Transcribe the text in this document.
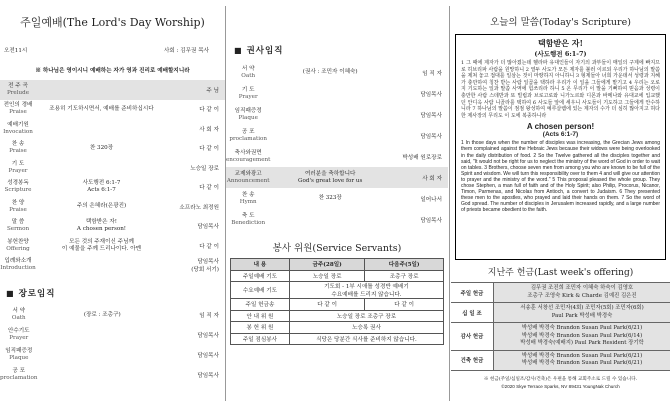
주일예배(The Lord's Day Worship)
오전11시	사회 : 김무권 목사
※ 하나님은 영이시니 예배하는 자가 영과 진리로 예배할지니라
전 주 곡
Prelude		주 님
전인의 경배
Praise	조용히 기도하시면서, 예배를 준비하십시다	다 같 이
예배기원
Invocation		사 회 자
찬 송
Praise	찬 320장	다 같 이
기 도
Prayer		노승일 장로
성경봉독
Scripture	사도행전 6:1-7
Acts 6:1-7	다 같 이
찬 양
Praise	주의 은혜라(은광진)	소프라노 최정원
말 씀
Sermon	택함받은 자!
A chosen person!	담임목사
봉헌찬양
Offering	모든 것의 주재이신 주님께
이 예물을 주께 드리나이다. 아멘	다 같 이
입례와소개
Introduction		담임목사
(당회 서기)
■ 장로임직
서 약
Oath	(장로 : 조총구)	임 직 자
안수기도
Prayer		담임목사
임직패증정
Plaque		담임목사
공 포
proclamation		담임목사
■ 권사임직
서 약
Oath	(권사 : 조민자 이혜숙)	임 직 자
기 도
Prayer		담임목사
임직패증정
Plaque		담임목사
공 포
proclamation		담임목사
축사와권면
encouragement		박성배 원로장로
교제와광고
Announcement	여러분을 축하합니다
God's great love for us	사 회 자
찬 송
Hymn	찬 323장	일어나서
축 도
Benediction		담임목사
봉사 위원(Service Servants)
내 용	금주(28일)	다음주(5일)
주일예배 기도	노승일 장로	조총구 장로
수요예배 기도	기도회 - 1부 시애틀 성경반 예배기
수요예배를 드리지 않습니다.	
주일 헌금송	다 같 이	다 같 이
안 내 위 원	노승일 장로 조총구 장로	
봉 헌 위 원	노승록 권사	
주일 점심봉사	식당은 당분간 식사를 준비하지 않습니다.	
오늘의 말씀(Today's Scripture)
택함받은 자!
(사도행전 6:1-7)
1 그 때에 제자가 더 많아졌는데 헬라파 유대인들이 자기의 과부들이 매일의 구제에 빠지므로 히브리파 사람을 원망하니 2 열두 사도가 모든 제자를 불러 이르되 우리가 하나님의 말씀을 제쳐 놓고 접대를 일삼는 것이 마땅하지 아니하니 3 형제들아 너희 가운데서 성령과 지혜가 충만하여 칭찬 받는 사람 일곱을 택하라 우리가 이 일을 그들에게 맡기고 4 우리는 오로지 기도하는 일과 말씀 사역에 힘쓰리라 하니 5 온 무리가 이 말을 기뻐하여 믿음과 성령이 충만한 사람 스데반과 또 빌립과 브로고로와 니가노르와 디몬과 바메나와 유대교에 입교했던 안디옥 사람 니골라를 택하여 6 사도들 앞에 세우니 사도들이 기도하고 그들에게 안수하니라 7 하나님의 말씀이 점점 왕성하여 예루살렘에 있는 제자의 수가 더 심히 많아지고 허다한 제사장의 무리도 이 도에 복종하니라
A chosen person!
(Acts 6:1-7)
1 In those days when the number of disciples was increasing, the Grecian Jews among them complained against the Hebraic Jews because their widows were being overlooked in the daily distribution of food. 2 So the Twelve gathered all the disciples together and said, "It would not be right for us to neglect the ministry of the word of God in order to wait on tables. 3 Brothers, choose seven men from among you who are known to be full of the Spirit and wisdom. We will turn this responsibility over to them 4 and will give our attention to prayer and the ministry of the word." 5 This proposal pleased the whole group. They chose Stephen, a man full of faith and of the Holy Spirit; also Philip, Procorus, Nicanor, Timon, Parmenas, and Nicolas from Antioch, a convert to Judaism. 6 They presented these men to the apostles, who prayed and laid their hands on them. 7 So the word of God spread. The number of disciples in Jerusalem increased rapidly, and a large number of priests became obedient to the faith.
지난주 헌금(Last week's offering)
주일 헌금	김무권 조진희 조민자 이혜숙 하숙이 김영호
조총구 조영숙 Kirk & Charde 김예진 김은진
십 일 조	서송훈 서창선 조민자(4회) 조민자(5회) 조민자(6회)
Paul Park 박성배 박경숙
감사 헌금	박성배 박경숙 Brandon Susan Paul Park(6/21)
박성배 박경숙 Brandon Susan Paul Park(6/14)
박성배 박경숙(예배지) Paul Park Resident 장기학
건축 헌금	박성배 박경숙 Brandon Susan Paul Park(6/21)
박성배 박경숙 Brandon Susan Paul Park(6/21)
※ 헌금(주일/십일조/감사/건축)은 우편을 통해 교회주소로 드릴 수 있습니다.
©2020 Skye Terrace Sparks, NV 89431 YoungNak Church
